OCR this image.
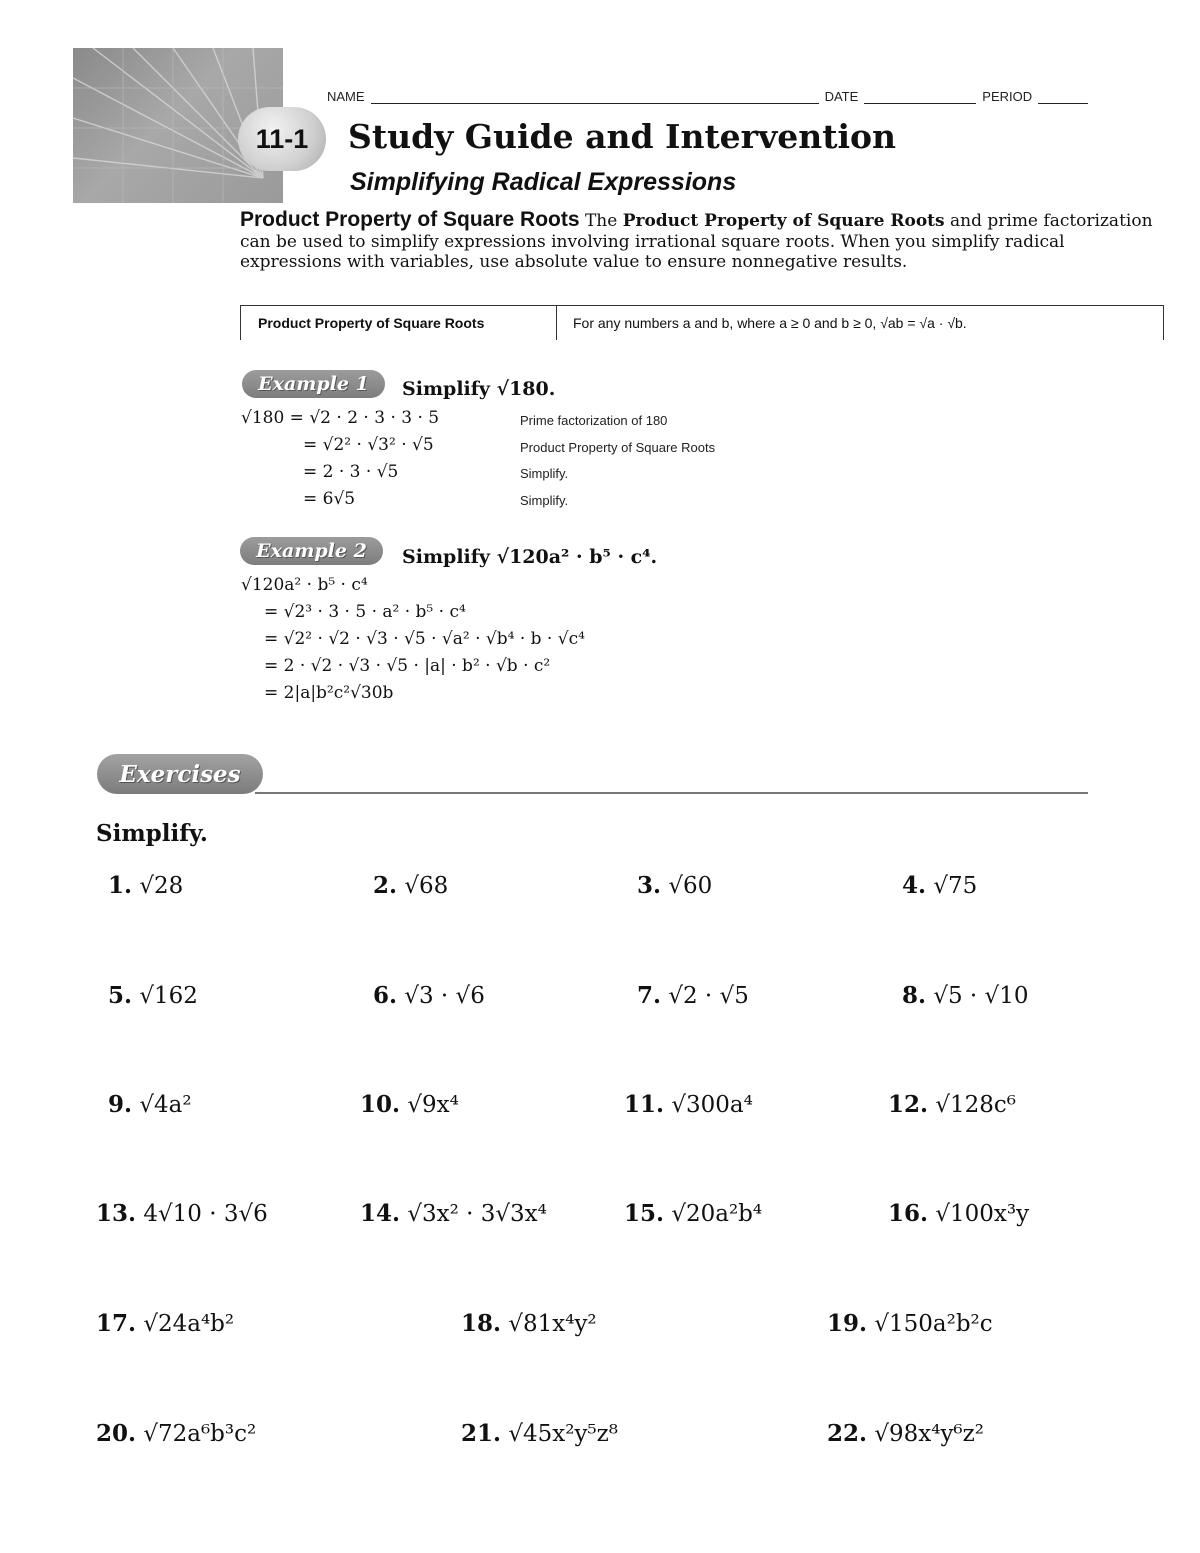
11-1
NAME	DATE	PERIOD
Study Guide and Intervention
Simplifying Radical Expressions
Product Property of Square Roots The Product Property of Square Roots and prime factorization can be used to simplify expressions involving irrational square roots. When you simplify radical expressions with variables, use absolute value to ensure nonnegative results.
Product Property of Square Roots	For any numbers a and b, where a ≥ 0 and b ≥ 0, √ab = √a · √b.
Example 1	Simplify √180.
√180 = √2 · 2 · 3 · 3 · 5	Prime factorization of 180
= √2² · √3² · √5	Product Property of Square Roots
= 2 · 3 · √5	Simplify.
= 6√5	Simplify.
Example 2	Simplify √120a² · b⁵ · c⁴.
√120a² · b⁵ · c⁴
= √2³ · 3 · 5 · a² · b⁵ · c⁴
= √2² · √2 · √3 · √5 · √a² · √b⁴ · b · √c⁴
= 2 · √2 · √3 · √5 · |a| · b² · √b · c²
= 2|a|b²c²√30b
Exercises
Simplify.
1. √28	2. √68	3. √60	4. √75
5. √162	6. √3 · √6	7. √2 · √5	8. √5 · √10
9. √4a²	10. √9x⁴	11. √300a⁴	12. √128c⁶
13. 4√10 · 3√6	14. √3x² · 3√3x⁴	15. √20a²b⁴	16. √100x³y
17. √24a⁴b²	18. √81x⁴y²	19. √150a²b²c
20. √72a⁶b³c²	21. √45x²y⁵z⁸	22. √98x⁴y⁶z²
